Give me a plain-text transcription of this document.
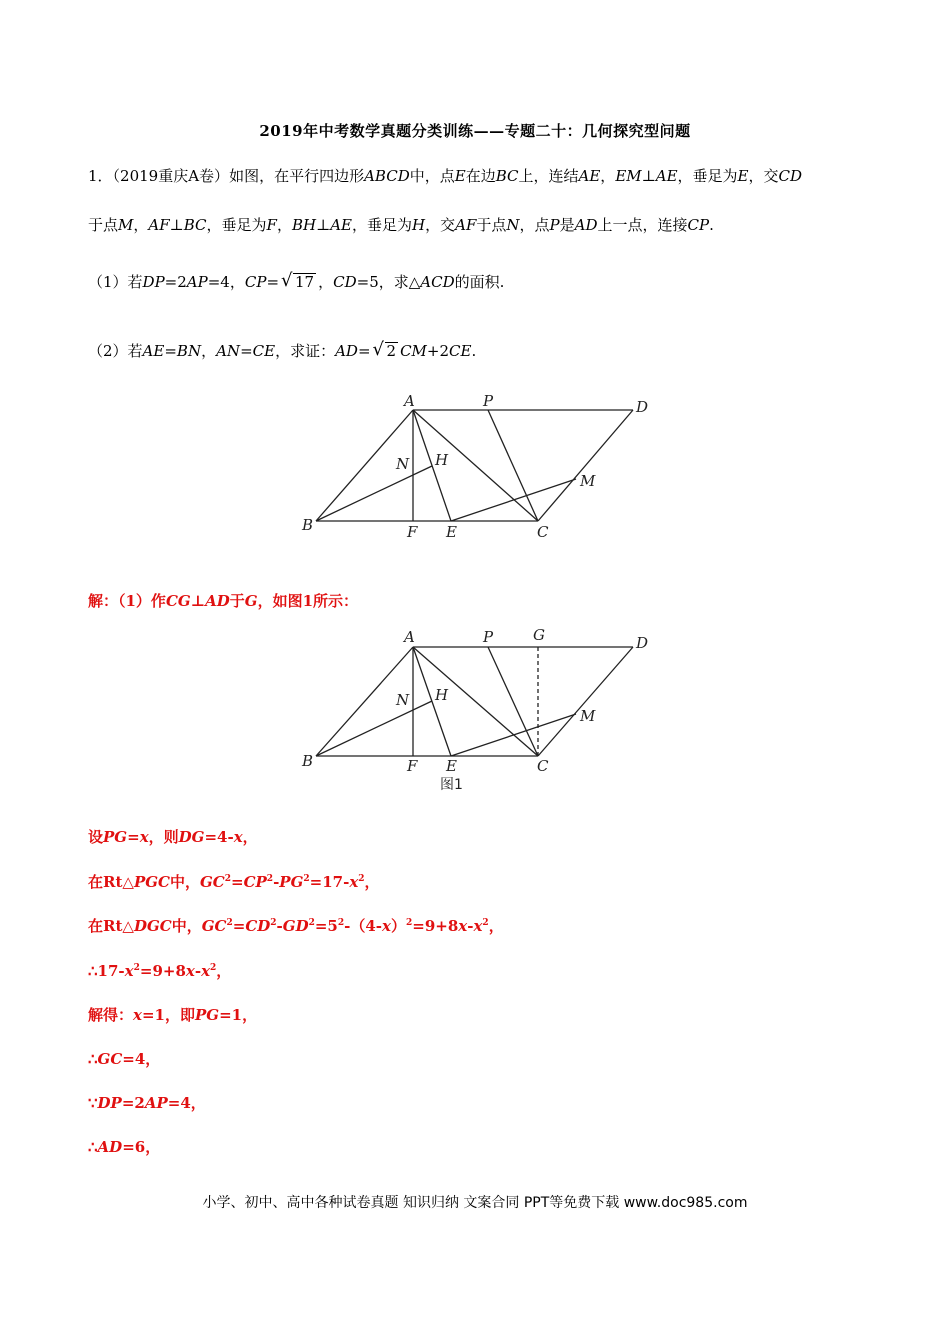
2019年中考数学真题分类训练——专题二十：几何探究型问题
1．（2019重庆A卷）如图，在平行四边形ABCD中，点E在边BC上，连结AE，EM⊥AE，垂足为E，交CD
于点M，AF⊥BC，垂足为F，BH⊥AE，垂足为H，交AF于点N，点P是AD上一点，连接CP.
（1）若DP=2AP=4，CP= √ 17 ，CD=5，求△ACD的面积.
（2）若AE=BN，AN=CE，求证：AD= √ 2 CM+2CE.
A	P	D
N H
M
B	F E	C
解：（1）作CG⊥AD于G，如图1所示：
A	P	G	D
N H
M
B	F E	C
图1
设PG=x，则DG=4-x，
在Rt△PGC中，$GC^2=CP^2-PG^2=17-x^2$，
在Rt△DGC中，$GC^2=CD^2-GD^2=5^2-(4-x)^2=9+8x-x^2$，
$\therefore 17-x^2=9+8x-x^2$，
解得：x=1，即PG=1，
∴GC=4，
∵DP=2AP=4，
∴AD=6，
小学、初中、高中各种试卷真题 知识归纳 文案合同 PPT等免费下载 www.doc985.com
